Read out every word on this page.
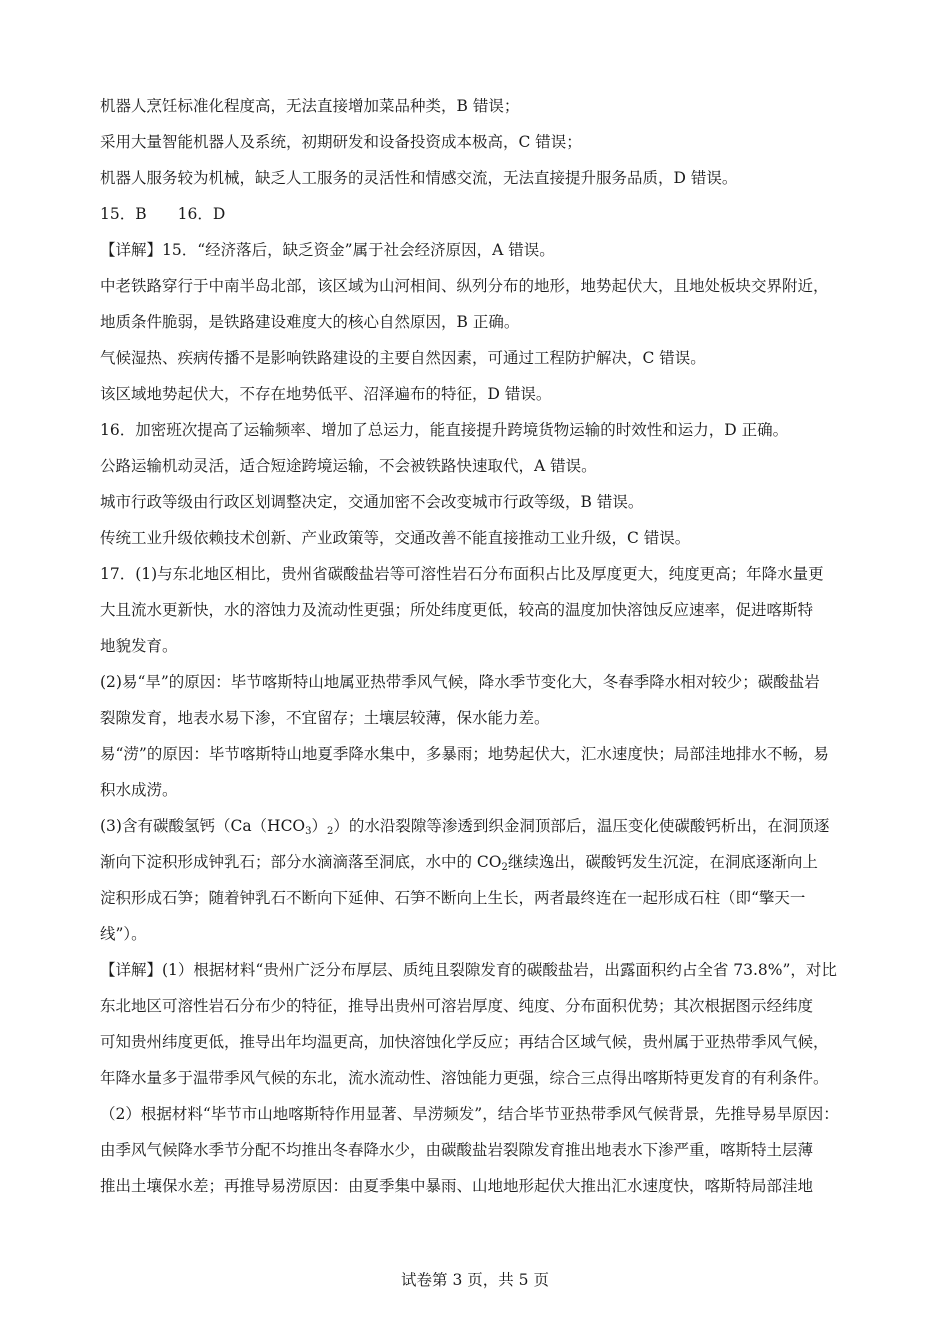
机器人烹饪标准化程度高，无法直接增加菜品种类，B 错误；
采用大量智能机器人及系统，初期研发和设备投资成本极高，C 错误；
机器人服务较为机械，缺乏人工服务的灵活性和情感交流，无法直接提升服务品质，D 错误。
15．B　　16．D
【详解】15．“经济落后，缺乏资金”属于社会经济原因，A 错误。
中老铁路穿行于中南半岛北部，该区域为山河相间、纵列分布的地形，地势起伏大，且地处板块交界附近，
地质条件脆弱，是铁路建设难度大的核心自然原因，B 正确。
气候湿热、疾病传播不是影响铁路建设的主要自然因素，可通过工程防护解决，C 错误。
该区域地势起伏大，不存在地势低平、沼泽遍布的特征，D 错误。
16．加密班次提高了运输频率、增加了总运力，能直接提升跨境货物运输的时效性和运力，D 正确。
公路运输机动灵活，适合短途跨境运输，不会被铁路快速取代，A 错误。
城市行政等级由行政区划调整决定，交通加密不会改变城市行政等级，B 错误。
传统工业升级依赖技术创新、产业政策等，交通改善不能直接推动工业升级，C 错误。
17．(1)与东北地区相比，贵州省碳酸盐岩等可溶性岩石分布面积占比及厚度更大，纯度更高；年降水量更
大且流水更新快，水的溶蚀力及流动性更强；所处纬度更低，较高的温度加快溶蚀反应速率，促进喀斯特
地貌发育。
(2)易“旱”的原因：毕节喀斯特山地属亚热带季风气候，降水季节变化大，冬春季降水相对较少；碳酸盐岩
裂隙发育，地表水易下渗，不宜留存；土壤层较薄，保水能力差。
易“涝”的原因：毕节喀斯特山地夏季降水集中，多暴雨；地势起伏大，汇水速度快；局部洼地排水不畅，易
积水成涝。
(3)含有碳酸氢钙$(Ca(HCO_3)_2)$的水沿裂隙等渗透到织金洞顶部后，温压变化使碳酸钙析出，在洞顶逐
渐向下淀积形成钟乳石；部分水滴滴落至洞底，水中的 $CO_2$继续逸出，碳酸钙发生沉淀，在洞底逐渐向上
淀积形成石笋；随着钟乳石不断向下延伸、石笋不断向上生长，两者最终连在一起形成石柱（即“擎天一
线”）。
【详解】(1）根据材料“贵州广泛分布厚层、质纯且裂隙发育的碳酸盐岩，出露面积约占全省 73.8%”，对比
东北地区可溶性岩石分布少的特征，推导出贵州可溶岩厚度、纯度、分布面积优势；其次根据图示经纬度
可知贵州纬度更低，推导出年均温更高，加快溶蚀化学反应；再结合区域气候，贵州属于亚热带季风气候，
年降水量多于温带季风气候的东北，流水流动性、溶蚀能力更强，综合三点得出喀斯特更发育的有利条件。
（2）根据材料“毕节市山地喀斯特作用显著、旱涝频发”，结合毕节亚热带季风气候背景，先推导易旱原因：
由季风气候降水季节分配不均推出冬春降水少，由碳酸盐岩裂隙发育推出地表水下渗严重，喀斯特土层薄
推出土壤保水差；再推导易涝原因：由夏季集中暴雨、山地地形起伏大推出汇水速度快，喀斯特局部洼地
试卷第 3 页，共 5 页
